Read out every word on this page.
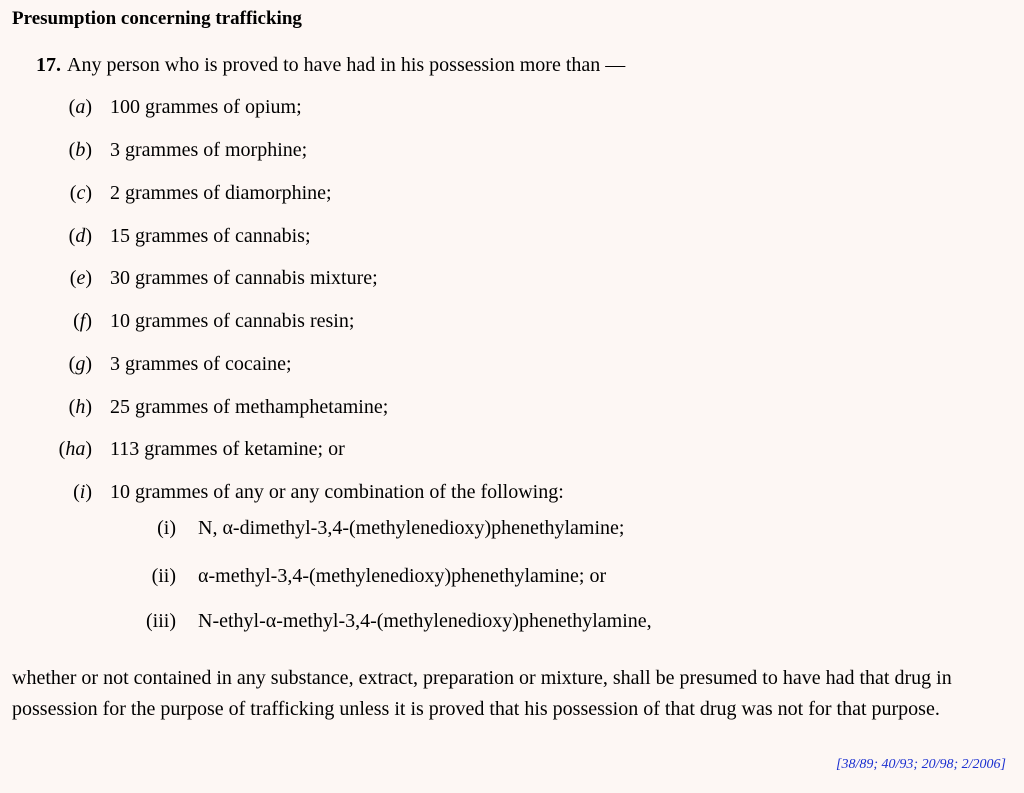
Presumption concerning trafficking
17. Any person who is proved to have had in his possession more than —
(a) 100 grammes of opium;
(b) 3 grammes of morphine;
(c) 2 grammes of diamorphine;
(d) 15 grammes of cannabis;
(e) 30 grammes of cannabis mixture;
(f) 10 grammes of cannabis resin;
(g) 3 grammes of cocaine;
(h) 25 grammes of methamphetamine;
(ha) 113 grammes of ketamine; or
(i) 10 grammes of any or any combination of the following:
(i) N, α-dimethyl-3,4-(methylenedioxy)phenethylamine;
(ii) α-methyl-3,4-(methylenedioxy)phenethylamine; or
(iii) N-ethyl-α-methyl-3,4-(methylenedioxy)phenethylamine,
whether or not contained in any substance, extract, preparation or mixture, shall be presumed to have had that drug in possession for the purpose of trafficking unless it is proved that his possession of that drug was not for that purpose.
[38/89; 40/93; 20/98; 2/2006]
